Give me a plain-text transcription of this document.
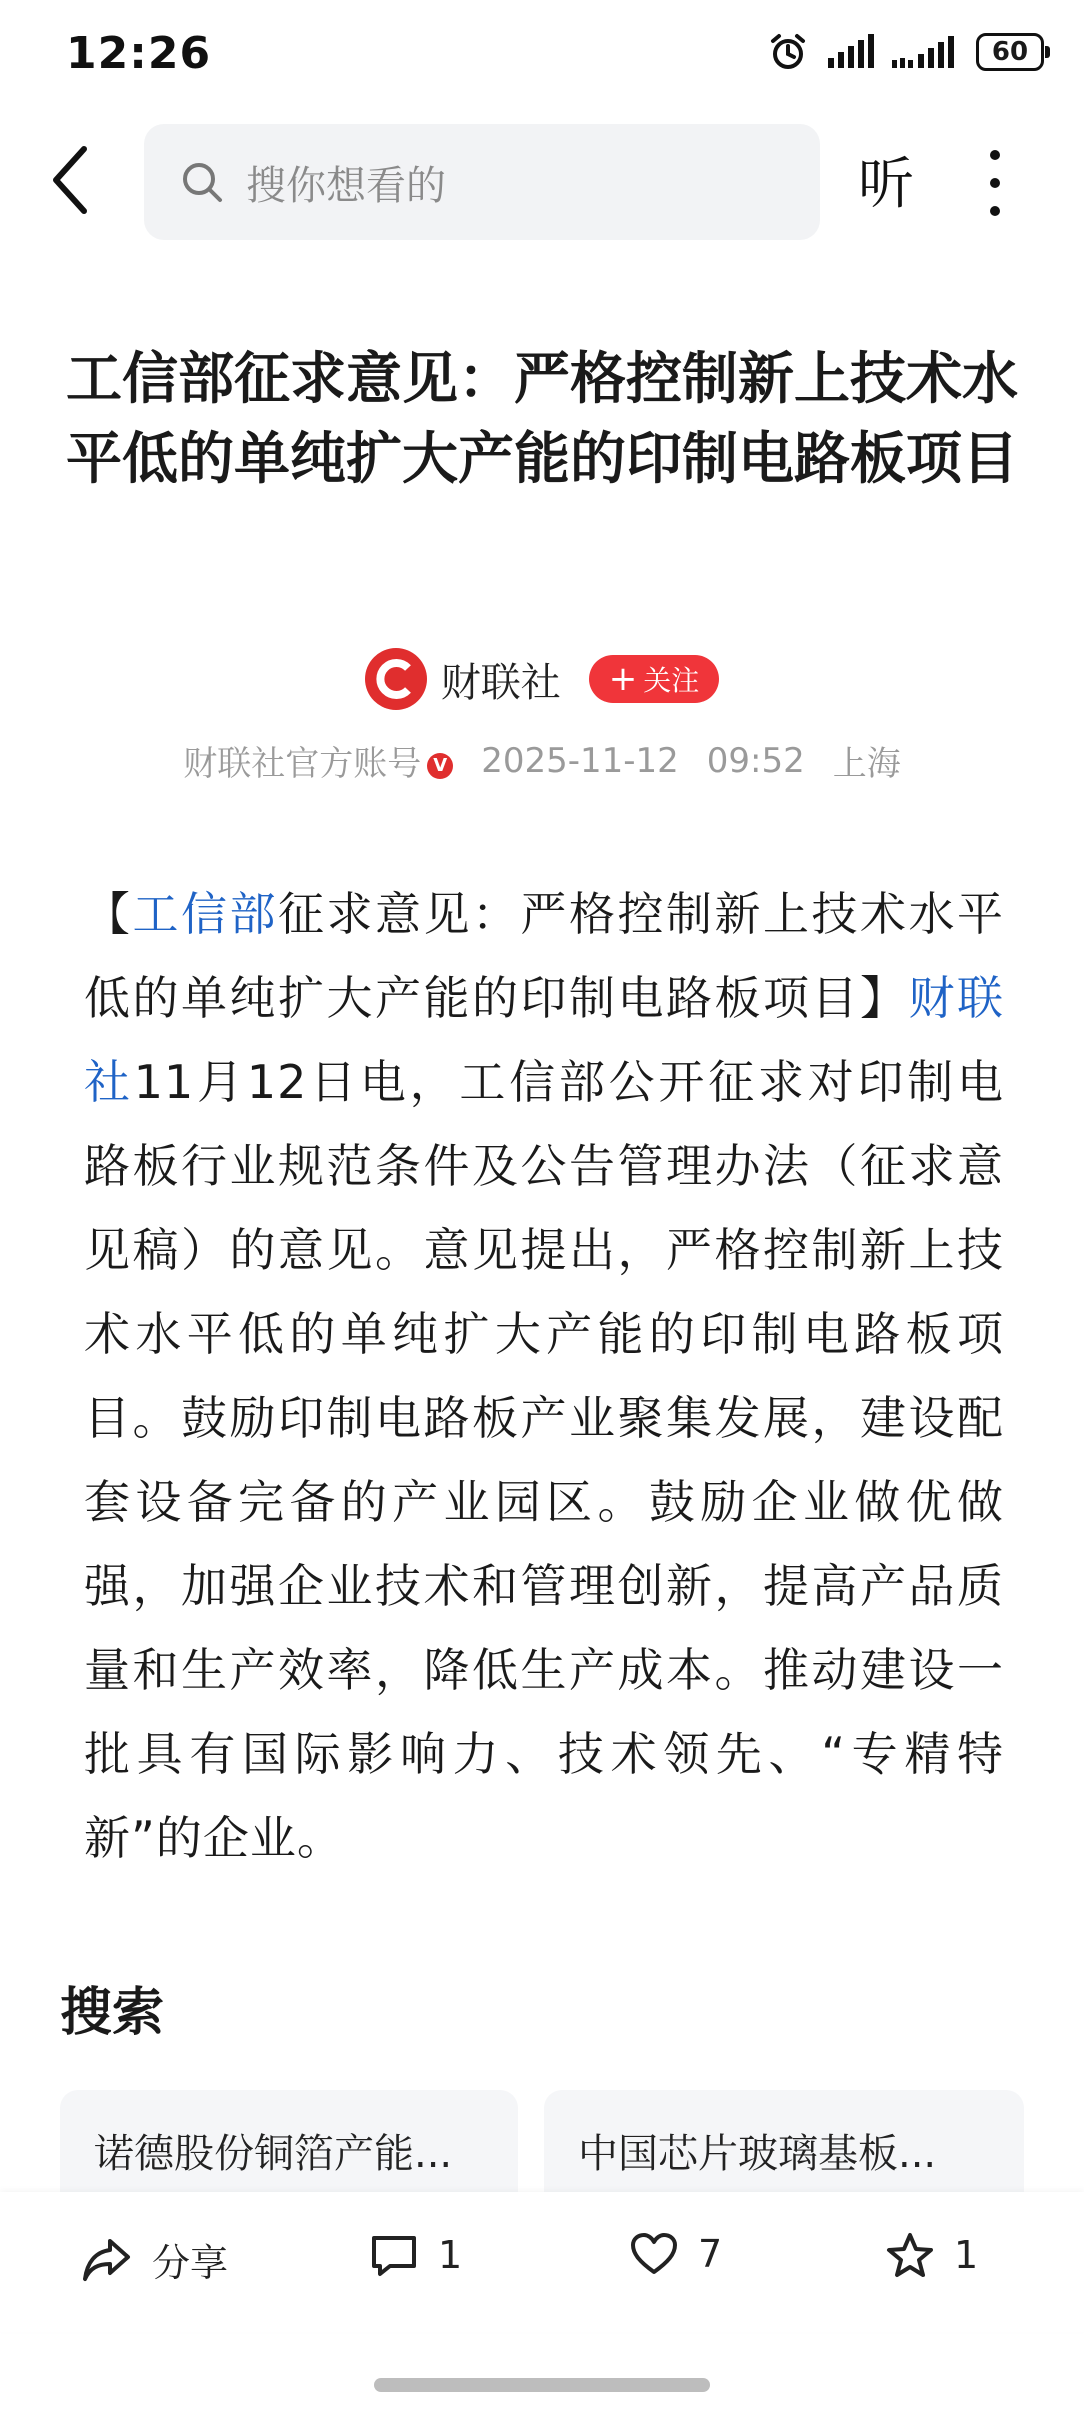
12:26	60
搜你想看的	听
工信部征求意见：严格控制新上技术水平低的单纯扩大产能的印制电路板项目
财联社 + 关注
财联社官方账号 V 2025-11-12 09:52 上海
【工信部征求意见：严格控制新上技术水平低的单纯扩大产能的印制电路板项目】财联社11月12日电，工信部公开征求对印制电路板行业规范条件及公告管理办法（征求意见稿）的意见。意见提出，严格控制新上技术水平低的单纯扩大产能的印制电路板项目。鼓励印制电路板产业聚集发展，建设配套设备完备的产业园区。鼓励企业做优做强，加强企业技术和管理创新，提高产品质量和生产效率，降低生产成本。推动建设一批具有国际影响力、技术领先、“专精特新”的企业。
搜索
诺德股份铜箔产能...	中国芯片玻璃基板...
分享	1	7	1
